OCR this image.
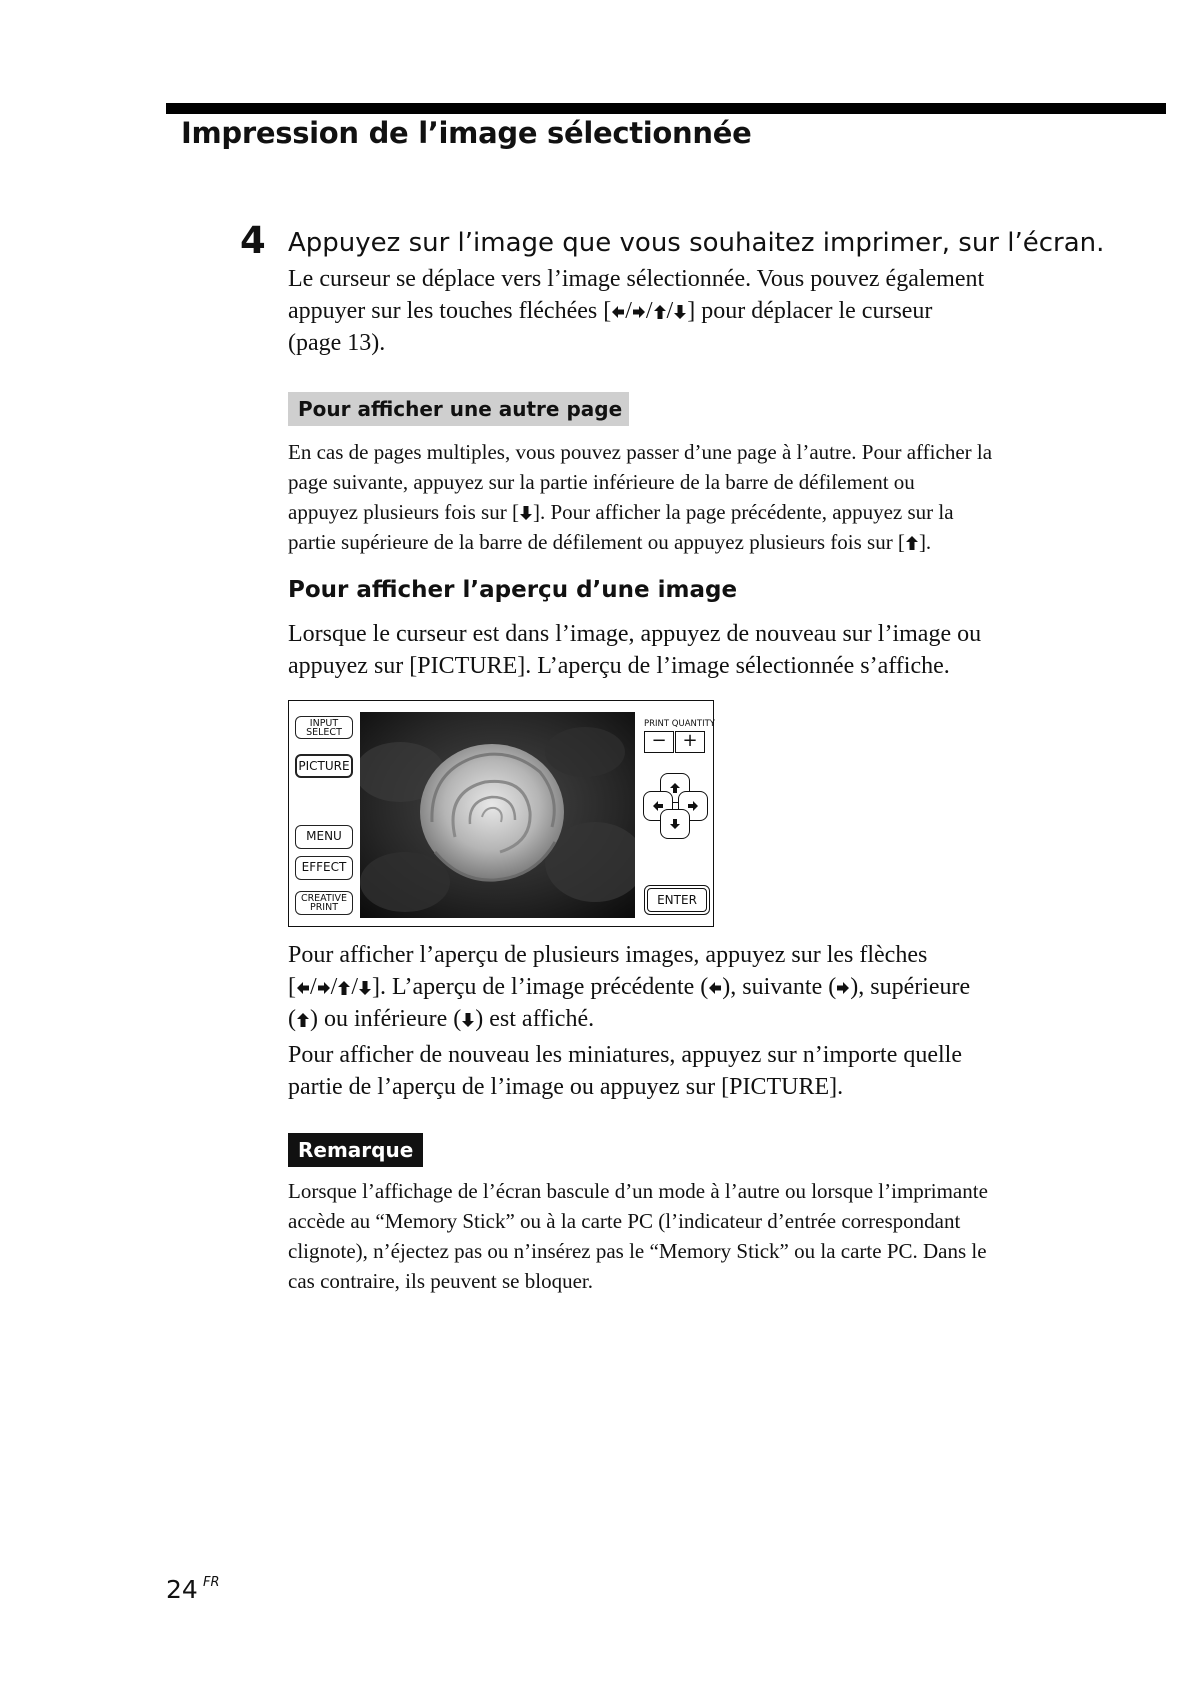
Impression de l’image sélectionnée
4 Appuyez sur l’image que vous souhaitez imprimer, sur l’écran.
Le curseur se déplace vers l’image sélectionnée. Vous pouvez également
appuyer sur les touches fléchées [ / / / ] pour déplacer le curseur
(page 13).
Pour afficher une autre page
En cas de pages multiples, vous pouvez passer d’une page à l’autre. Pour afficher la
page suivante, appuyez sur la partie inférieure de la barre de défilement ou
appuyez plusieurs fois sur [ ]. Pour afficher la page précédente, appuyez sur la
partie supérieure de la barre de défilement ou appuyez plusieurs fois sur [ ].
Pour afficher l’aperçu d’une image
Lorsque le curseur est dans l’image, appuyez de nouveau sur l’image ou
appuyez sur [PICTURE]. L’aperçu de l’image sélectionnée s’affiche.
INPUT
SELECT
PICTURE
MENU
EFFECT
CREATIVE
PRINT
PRINT QUANTITY
− +
ENTER
Pour afficher l’aperçu de plusieurs images, appuyez sur les flèches
[ / / / ]. L’aperçu de l’image précédente ( ), suivante ( ), supérieure
( ) ou inférieure ( ) est affiché.
Pour afficher de nouveau les miniatures, appuyez sur n’importe quelle
partie de l’aperçu de l’image ou appuyez sur [PICTURE].
Remarque
Lorsque l’affichage de l’écran bascule d’un mode à l’autre ou lorsque l’imprimante
accède au “Memory Stick” ou à la carte PC (l’indicateur d’entrée correspondant
clignote), n’éjectez pas ou n’insérez pas le “Memory Stick” ou la carte PC. Dans le
cas contraire, ils peuvent se bloquer.
24 FR
